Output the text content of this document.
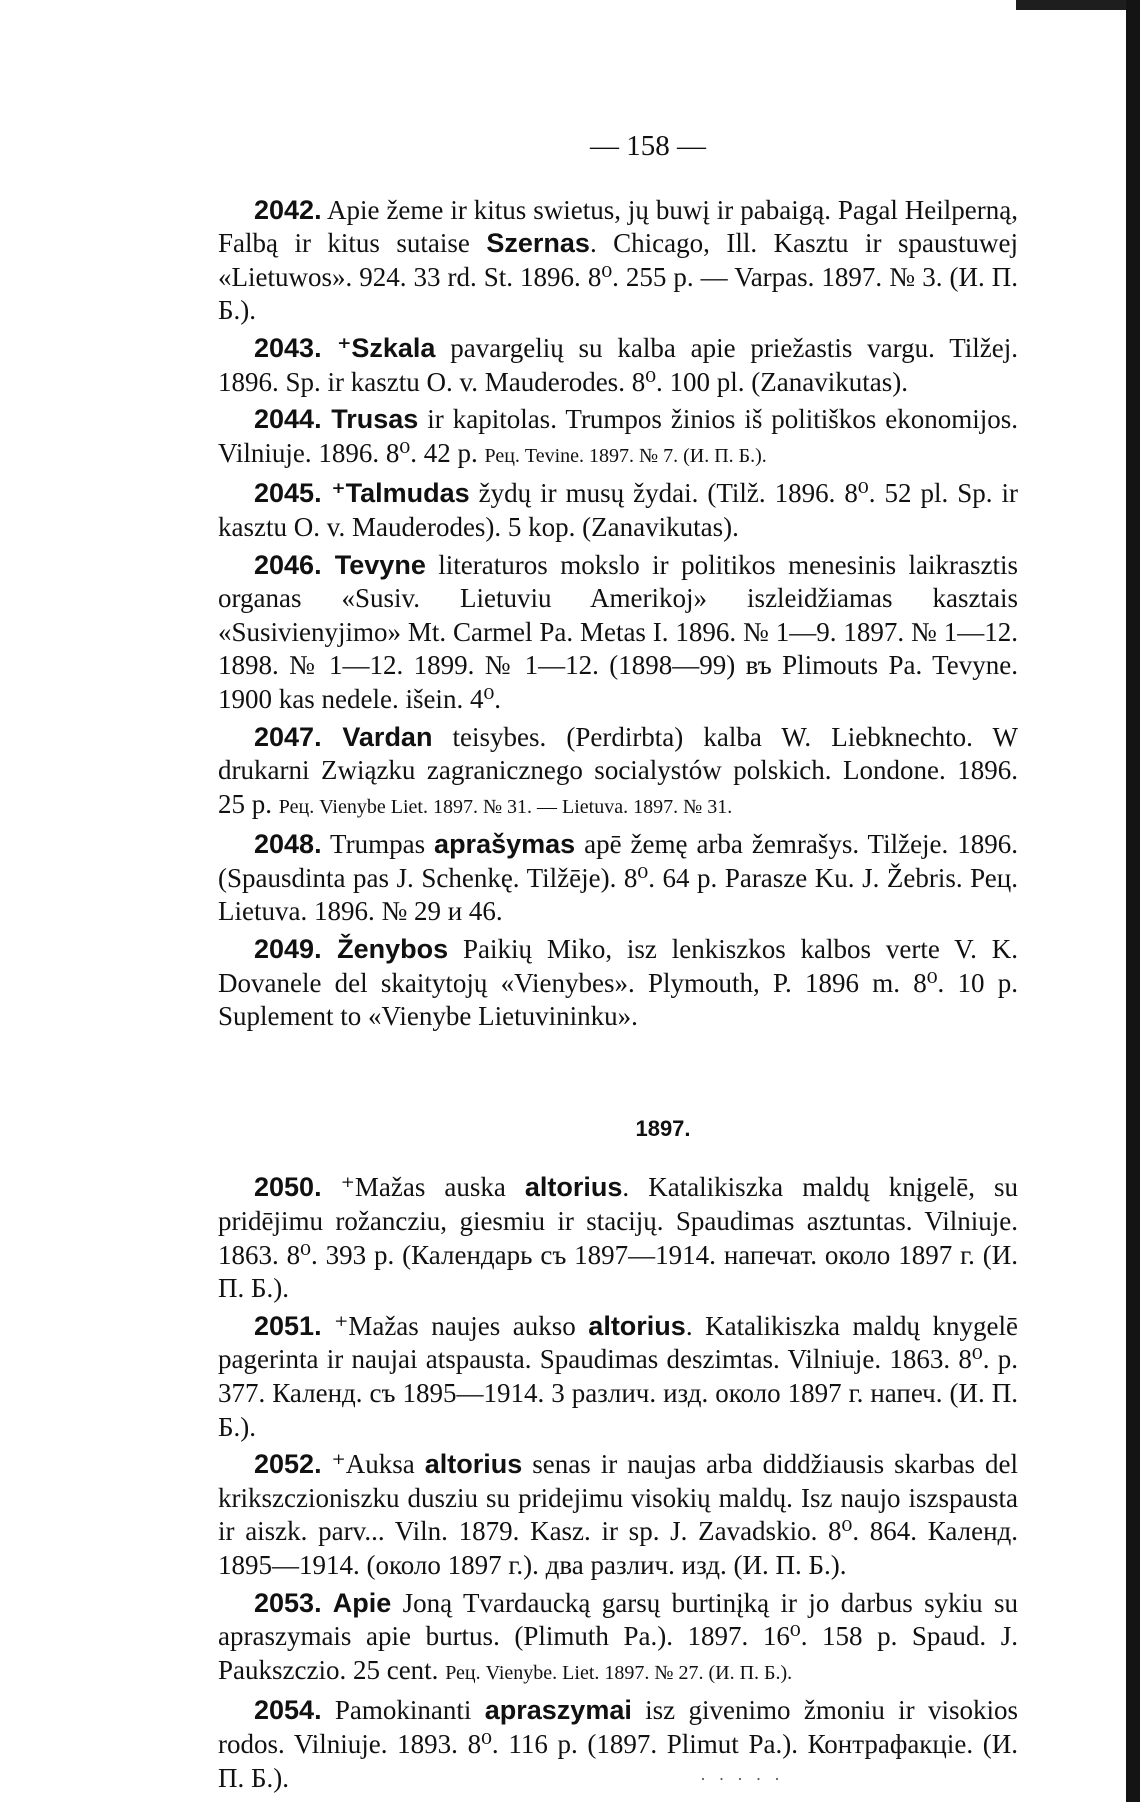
— 158 —

2042. Apie žeme ir kitus swietus, jų buwį ir pabaigą. Pagal Heilperną, Falbą ir kitus sutaise Szernas. Chicago, Ill. Kasztu ir spaustuwej «Lietuwos». 924. 33 rd. St. 1896. 8⁰. 255 p. — Varpas. 1897. № 3. (И. П. Б.).

2043. ⁺Szkala pavargelių su kalba apie priežastis vargu. Tilžej. 1896. Sp. ir kasztu O. v. Mauderodes. 8⁰. 100 pl. (Zanavikutas).

2044. Trusas ir kapitolas. Trumpos žinios iš politiškos ekonomijos. Vilniuje. 1896. 8⁰. 42 p. Рец. Tevine. 1897. № 7. (И. П. Б.).

2045. ⁺Talmudas žydų ir musų žydai. (Tilž. 1896. 8⁰. 52 pl. Sp. ir kasztu O. v. Mauderodes). 5 kop. (Zanavikutas).

2046. Tevyne literaturos mokslo ir politikos menesinis laikrasztis organas «Susiv. Lietuviu Amerikoj» iszleidžiamas kasztais «Susivienyjimo» Mt. Carmel Pa. Metas I. 1896. № 1—9. 1897. № 1—12. 1898. № 1—12. 1899. № 1—12. (1898—99) въ Plimouts Pa. Tevyne. 1900 kas nedele. išein. 4⁰.

2047. Vardan teisybes. (Perdirbta) kalba W. Liebknechto. W drukarni Związku zagranicznego socialystów polskich. Londone. 1896. 25 p. Рец. Vienybe Liet. 1897. № 31. — Lietuva. 1897. № 31.

2048. Trumpas aprašymas apē žemę arba žemrašys. Tilžeje. 1896. (Spausdinta pas J. Schenkę. Tilžēje). 8⁰. 64 p. Parasze Ku. J. Žebris. Рец. Lietuva. 1896. № 29 и 46.

2049. Ženybos Paikių Miko, isz lenkiszkos kalbos verte V. K. Dovanele del skaitytojų «Vienybes». Plymouth, P. 1896 m. 8⁰. 10 p. Suplement to «Vienybe Lietuvininku».

1897.

2050. ⁺Mažas auska altorius. Katalikiszka maldų knįgelē, su pridējimu rožancziu, giesmiu ir stacijų. Spaudimas asztuntas. Vilniuje. 1863. 8⁰. 393 p. (Календарь съ 1897—1914. напечат. около 1897 г. (И. П. Б.).

2051. ⁺Mažas naujes aukso altorius. Katalikiszka maldų knygelē pagerinta ir naujai atspausta. Spaudimas deszimtas. Vilniuje. 1863. 8⁰. p. 377. Календ. съ 1895—1914. 3 различ. изд. около 1897 г. напеч. (И. П. Б.).

2052. ⁺Auksa altorius senas ir naujas arba diddžiausis skarbas del krikszczioniszku dusziu su pridejimu visokių maldų. Isz naujo iszspausta ir aiszk. parv... Viln. 1879. Kasz. ir sp. J. Zavadskio. 8⁰. 864. Календ. 1895—1914. (около 1897 г.). два различ. изд. (И. П. Б.).

2053. Apie Joną Tvardaucką garsų burtinįką ir jo darbus sykiu su apraszymais apie burtus. (Plimuth Pa.). 1897. 16⁰. 158 p. Spaud. J. Paukszczio. 25 cent. Рец. Vienybe. Liet. 1897. № 27. (И. П. Б.).

2054. Pamokinanti apraszymai isz givenimo žmoniu ir visokios rodos. Vilniuje. 1893. 8⁰. 116 p. (1897. Plimut Pa.). Контрафакціе. (И. П. Б.).	· · · · ·
